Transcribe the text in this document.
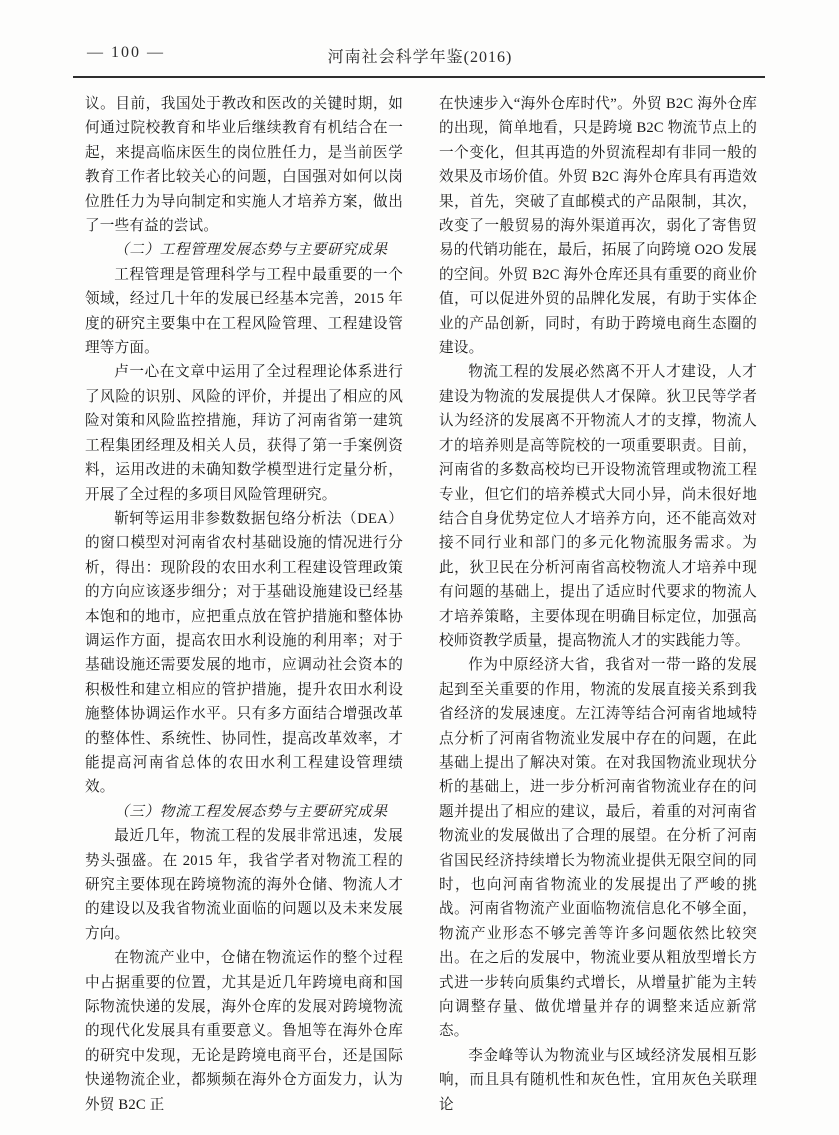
— 100 —	河南社会科学年鉴(2016)

议。目前，我国处于教改和医改的关键时期，如何通过院校教育和毕业后继续教育有机结合在一起，来提高临床医生的岗位胜任力，是当前医学教育工作者比较关心的问题，白国强对如何以岗位胜任力为导向制定和实施人才培养方案，做出了一些有益的尝试。

（二）工程管理发展态势与主要研究成果

工程管理是管理科学与工程中最重要的一个领域，经过几十年的发展已经基本完善，2015 年度的研究主要集中在工程风险管理、工程建设管理等方面。

卢一心在文章中运用了全过程理论体系进行了风险的识别、风险的评价，并提出了相应的风险对策和风险监控措施，拜访了河南省第一建筑工程集团经理及相关人员，获得了第一手案例资料，运用改进的未确知数学模型进行定量分析，开展了全过程的多项目风险管理研究。

靳轲等运用非参数数据包络分析法（DEA）的窗口模型对河南省农村基础设施的情况进行分析，得出：现阶段的农田水利工程建设管理政策的方向应该逐步细分；对于基础设施建设已经基本饱和的地市，应把重点放在管护措施和整体协调运作方面，提高农田水利设施的利用率；对于基础设施还需要发展的地市，应调动社会资本的积极性和建立相应的管护措施，提升农田水利设施整体协调运作水平。只有多方面结合增强改革的整体性、系统性、协同性，提高改革效率，才能提高河南省总体的农田水利工程建设管理绩效。

（三）物流工程发展态势与主要研究成果

最近几年，物流工程的发展非常迅速，发展势头强盛。在 2015 年，我省学者对物流工程的研究主要体现在跨境物流的海外仓储、物流人才的建设以及我省物流业面临的问题以及未来发展方向。

在物流产业中，仓储在物流运作的整个过程中占据重要的位置，尤其是近几年跨境电商和国际物流快递的发展，海外仓库的发展对跨境物流的现代化发展具有重要意义。鲁旭等在海外仓库的研究中发现，无论是跨境电商平台，还是国际快递物流企业，都频频在海外仓方面发力，认为外贸 B2C 正

在快速步入“海外仓库时代”。外贸 B2C 海外仓库的出现，简单地看，只是跨境 B2C 物流节点上的一个变化，但其再造的外贸流程却有非同一般的效果及市场价值。外贸 B2C 海外仓库具有再造效果，首先，突破了直邮模式的产品限制，其次，改变了一般贸易的海外渠道再次，弱化了寄售贸易的代销功能在，最后，拓展了向跨境 O2O 发展的空间。外贸 B2C 海外仓库还具有重要的商业价值，可以促进外贸的品牌化发展，有助于实体企业的产品创新，同时，有助于跨境电商生态圈的建设。

物流工程的发展必然离不开人才建设，人才建设为物流的发展提供人才保障。狄卫民等学者认为经济的发展离不开物流人才的支撑，物流人才的培养则是高等院校的一项重要职责。目前，河南省的多数高校均已开设物流管理或物流工程专业，但它们的培养模式大同小异，尚未很好地结合自身优势定位人才培养方向，还不能高效对接不同行业和部门的多元化物流服务需求。为此，狄卫民在分析河南省高校物流人才培养中现有问题的基础上，提出了适应时代要求的物流人才培养策略，主要体现在明确目标定位，加强高校师资教学质量，提高物流人才的实践能力等。

作为中原经济大省，我省对一带一路的发展起到至关重要的作用，物流的发展直接关系到我省经济的发展速度。左江涛等结合河南省地域特点分析了河南省物流业发展中存在的问题，在此基础上提出了解决对策。在对我国物流业现状分析的基础上，进一步分析河南省物流业存在的问题并提出了相应的建议，最后，着重的对河南省物流业的发展做出了合理的展望。在分析了河南省国民经济持续增长为物流业提供无限空间的同时，也向河南省物流业的发展提出了严峻的挑战。河南省物流产业面临物流信息化不够全面，物流产业形态不够完善等许多问题依然比较突出。在之后的发展中，物流业要从粗放型增长方式进一步转向质集约式增长，从增量扩能为主转向调整存量、做优增量并存的调整来适应新常态。

李金峰等认为物流业与区域经济发展相互影响，而且具有随机性和灰色性，宜用灰色关联理论
